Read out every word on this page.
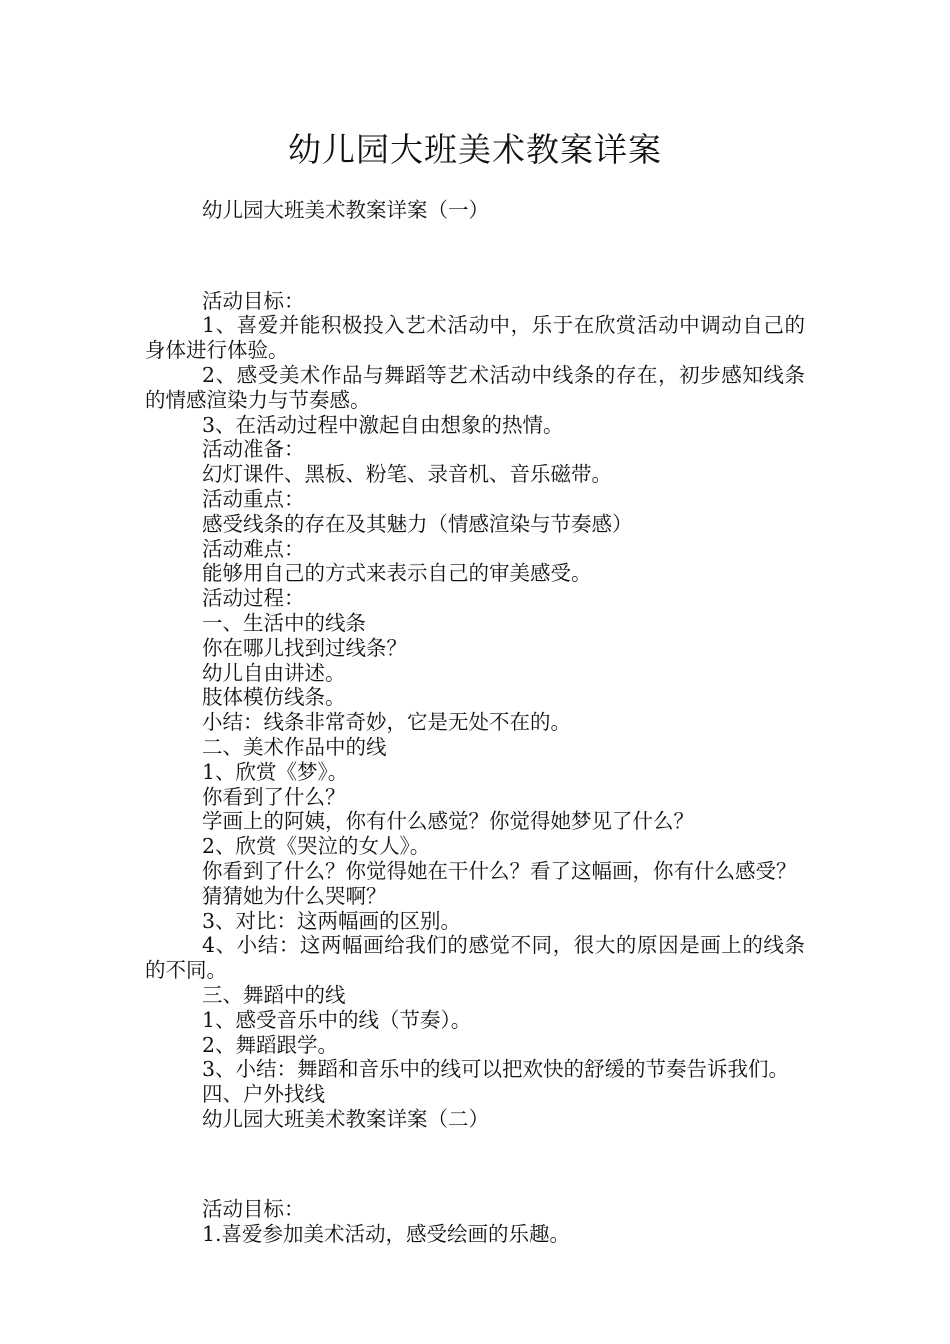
幼儿园大班美术教案详案

幼儿园大班美术教案详案（一）

活动目标：

1、喜爱并能积极投入艺术活动中，乐于在欣赏活动中调动自己的身体进行体验。

2、感受美术作品与舞蹈等艺术活动中线条的存在，初步感知线条的情感渲染力与节奏感。

3、在活动过程中激起自由想象的热情。

活动准备：

幻灯课件、黑板、粉笔、录音机、音乐磁带。

活动重点：

感受线条的存在及其魅力（情感渲染与节奏感）

活动难点：

能够用自己的方式来表示自己的审美感受。

活动过程：

一、生活中的线条

你在哪儿找到过线条？

幼儿自由讲述。

肢体模仿线条。

小结：线条非常奇妙，它是无处不在的。

二、美术作品中的线

1、欣赏《梦》。

你看到了什么？

学画上的阿姨，你有什么感觉？你觉得她梦见了什么？

2、欣赏《哭泣的女人》。

你看到了什么？你觉得她在干什么？看了这幅画，你有什么感受？

猜猜她为什么哭啊？

3、对比：这两幅画的区别。

4、小结：这两幅画给我们的感觉不同，很大的原因是画上的线条的不同。

三、舞蹈中的线

1、感受音乐中的线（节奏）。

2、舞蹈跟学。

3、小结：舞蹈和音乐中的线可以把欢快的舒缓的节奏告诉我们。

四、户外找线

幼儿园大班美术教案详案（二）

活动目标：

1.喜爱参加美术活动，感受绘画的乐趣。
